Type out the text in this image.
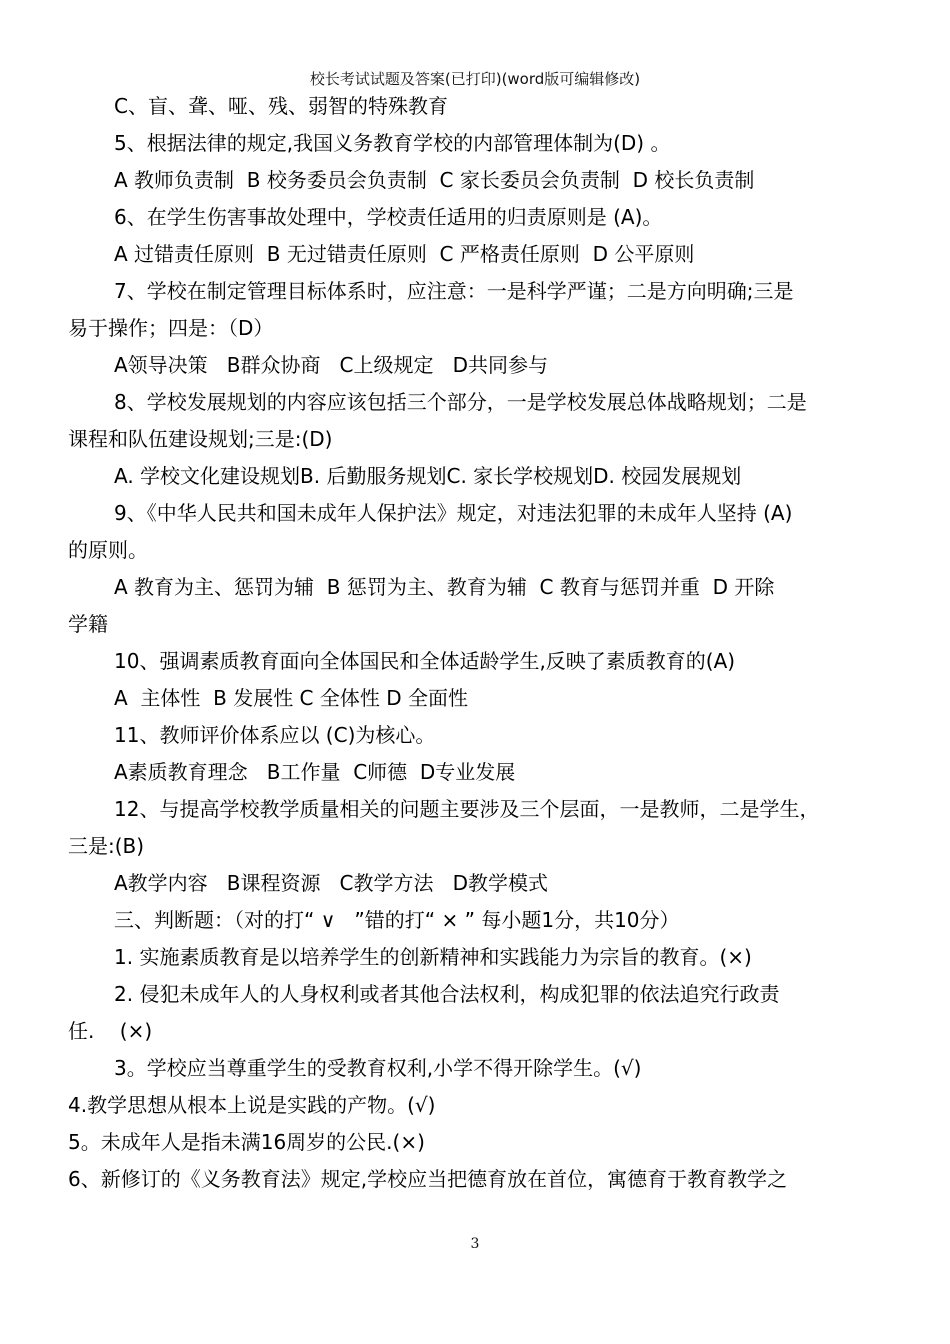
校长考试试题及答案(已打印)(word版可编辑修改)
C、盲、聋、哑、残、弱智的特殊教育
5、根据法律的规定,我国义务教育学校的内部管理体制为(D) 。
A 教师负责制  B 校务委员会负责制  C 家长委员会负责制  D 校长负责制
6、在学生伤害事故处理中，学校责任适用的归责原则是 (A)。
A 过错责任原则  B 无过错责任原则  C 严格责任原则  D 公平原则
7、学校在制定管理目标体系时，应注意：一是科学严谨；二是方向明确;三是
易于操作；四是：（D）
A领导决策   B群众协商   C上级规定   D共同参与
8、学校发展规划的内容应该包括三个部分，一是学校发展总体战略规划；二是
课程和队伍建设规划;三是:(D)
A. 学校文化建设规划B. 后勤服务规划C. 家长学校规划D. 校园发展规划
9、《中华人民共和国未成年人保护法》规定，对违法犯罪的未成年人坚持 (A)
的原则。
A 教育为主、惩罚为辅  B 惩罚为主、教育为辅  C 教育与惩罚并重  D 开除
学籍
10、强调素质教育面向全体国民和全体适龄学生,反映了素质教育的(A)
A  主体性  B 发展性 C 全体性 D 全面性
11、教师评价体系应以 (C)为核心。
A素质教育理念   B工作量  C师德  D专业发展
12、与提高学校教学质量相关的问题主要涉及三个层面，一是教师，二是学生，
三是:(B)
A教学内容   B课程资源   C教学方法   D教学模式
三、判断题：（对的打“ ∨   ”错的打“ × ” 每小题1分，共10分）
1. 实施素质教育是以培养学生的创新精神和实践能力为宗旨的教育。(×)
2. 侵犯未成年人的人身权利或者其他合法权利，构成犯罪的依法追究行政责
任.    (×)
3。学校应当尊重学生的受教育权利,小学不得开除学生。(√)
4.教学思想从根本上说是实践的产物。(√)
5。未成年人是指未满16周岁的公民.(×)
6、新修订的《义务教育法》规定,学校应当把德育放在首位，寓德育于教育教学之
3
